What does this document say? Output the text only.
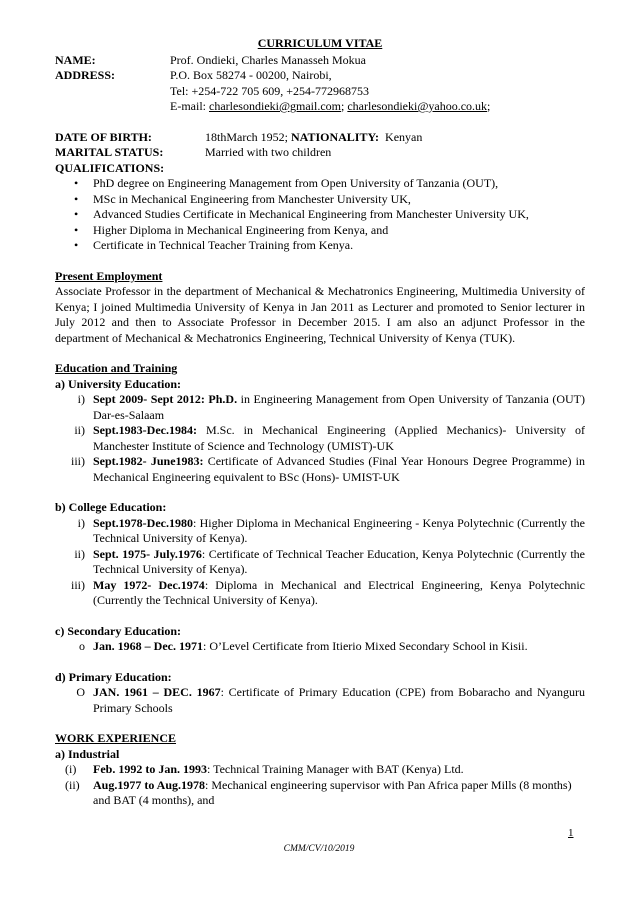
CURRICULUM VITAE
NAME:	Prof. Ondieki, Charles Manasseh Mokua
ADDRESS:	P.O. Box 58274 - 00200, Nairobi,
Tel: +254-722 705 609, +254-772968753
E-mail: charlesondieki@gmail.com; charlesondieki@yahoo.co.uk;
DATE OF BIRTH:	18thMarch 1952; NATIONALITY:  Kenyan
MARITAL STATUS:	Married with two children
QUALIFICATIONS:
• PhD degree on Engineering Management from Open University of Tanzania (OUT),
• MSc in Mechanical Engineering from Manchester University UK,
• Advanced Studies Certificate in Mechanical Engineering from Manchester University UK,
• Higher Diploma in Mechanical Engineering from Kenya, and
• Certificate in Technical Teacher Training from Kenya.
Present Employment
Associate Professor in the department of Mechanical & Mechatronics Engineering, Multimedia University of Kenya; I joined Multimedia University of Kenya in Jan 2011 as Lecturer and promoted to Senior lecturer in July 2012 and then to Associate Professor in December 2015. I am also an adjunct Professor in the department of Mechanical & Mechatronics Engineering, Technical University of Kenya (TUK).
Education and Training
a) University Education:
i) Sept 2009- Sept 2012: Ph.D. in Engineering Management from Open University of Tanzania (OUT) Dar-es-Salaam
ii) Sept.1983-Dec.1984: M.Sc. in Mechanical Engineering (Applied Mechanics)- University of Manchester Institute of Science and Technology (UMIST)-UK
iii) Sept.1982- June1983: Certificate of Advanced Studies (Final Year Honours Degree Programme) in Mechanical Engineering equivalent to BSc (Hons)- UMIST-UK
b) College Education:
i) Sept.1978-Dec.1980: Higher Diploma in Mechanical Engineering - Kenya Polytechnic (Currently the Technical University of Kenya).
ii) Sept. 1975- July.1976: Certificate of Technical Teacher Education, Kenya Polytechnic (Currently the Technical University of Kenya).
iii) May 1972- Dec.1974: Diploma in Mechanical and Electrical Engineering, Kenya Polytechnic (Currently the Technical University of Kenya).
c) Secondary Education:
o Jan. 1968 – Dec. 1971: O’Level Certificate from Itierio Mixed Secondary School in Kisii.
d) Primary Education:
O JAN. 1961 – DEC. 1967: Certificate of Primary Education (CPE) from Bobaracho and Nyanguru Primary Schools
WORK EXPERIENCE
a) Industrial
(i)	Feb. 1992 to Jan. 1993: Technical Training Manager with BAT (Kenya) Ltd.
(ii)	Aug.1977 to Aug.1978: Mechanical engineering supervisor with Pan Africa paper Mills (8 months) and BAT (4 months), and
1
CMM/CV/10/2019
